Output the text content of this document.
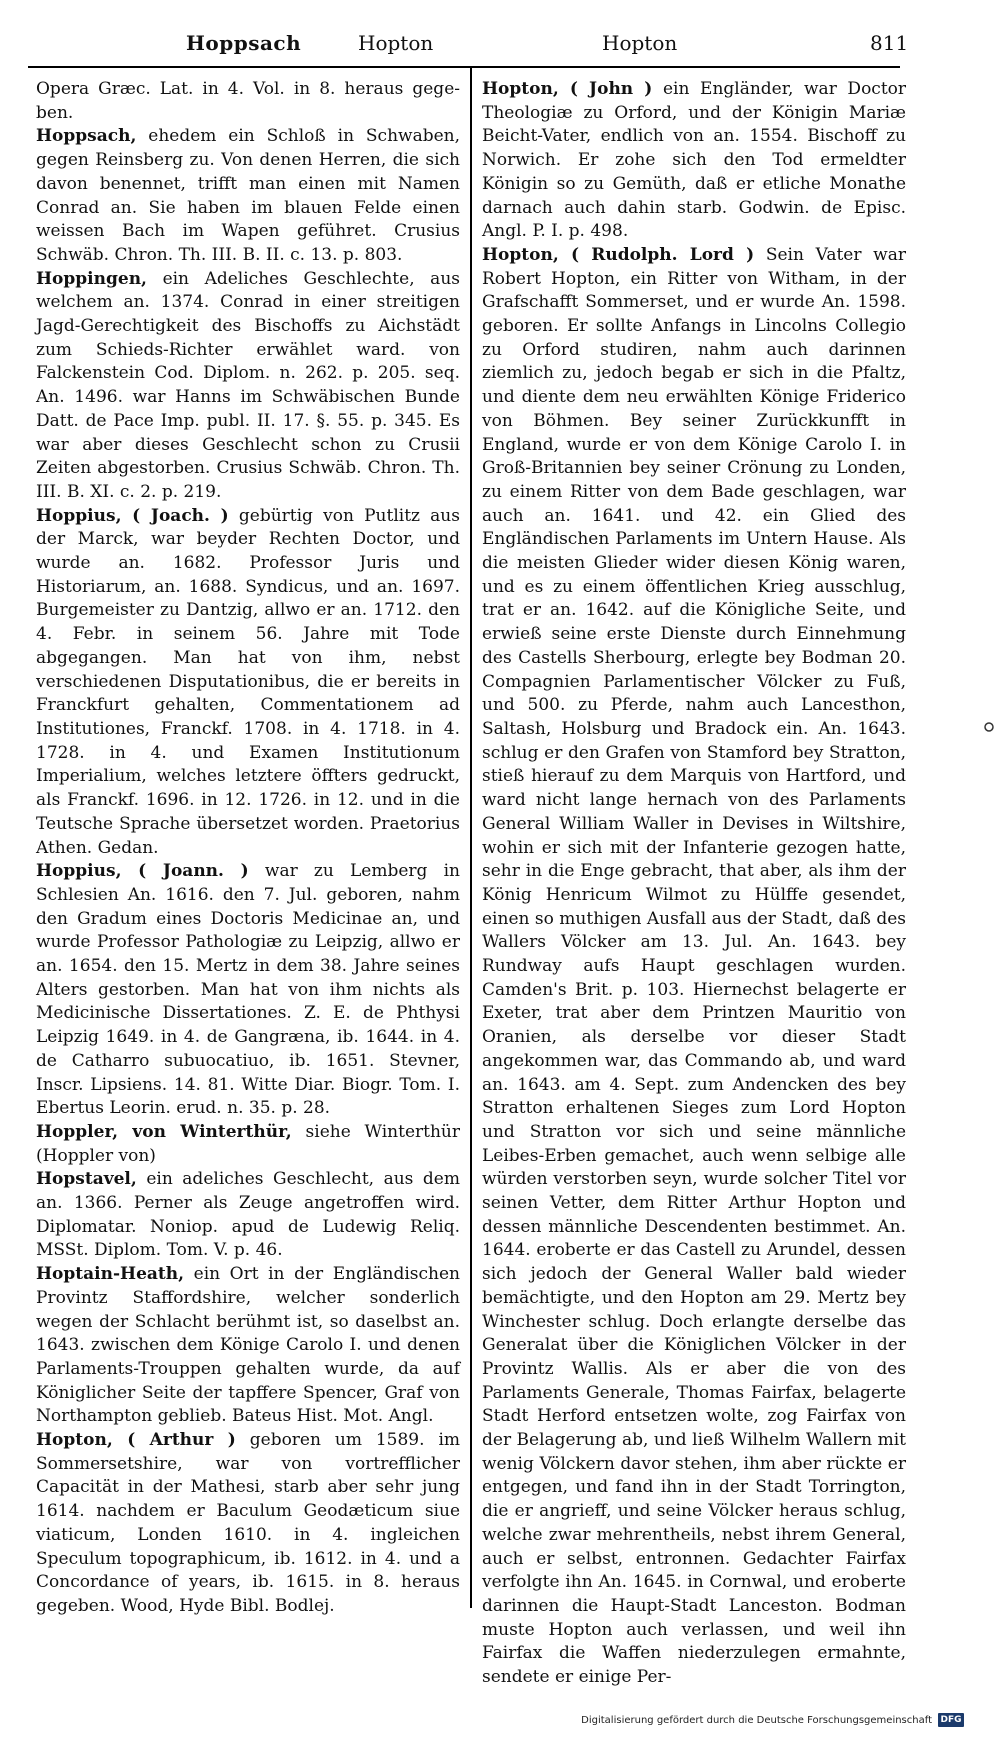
Hoppsach	Hopton	Hopton	811

Opera Græc. Lat. in 4. Vol. in 8. heraus gege-ben.

Hoppsach, ehedem ein Schloß in Schwaben, gegen Reinsberg zu. Von denen Herren, die sich davon benennet, trifft man einen mit Namen Conrad an. Sie haben im blauen Felde einen weissen Bach im Wapen geführet. Crusius Schwäb. Chron. Th. III. B. II. c. 13. p. 803.

Hoppingen, ein Adeliches Geschlechte, aus welchem an. 1374. Conrad in einer streitigen Jagd-Gerechtigkeit des Bischoffs zu Aichstädt zum Schieds-Richter erwählet ward. von Falckenstein Cod. Diplom. n. 262. p. 205. seq. An. 1496. war Hanns im Schwäbischen Bunde Datt. de Pace Imp. publ. II. 17. §. 55. p. 345. Es war aber dieses Geschlecht schon zu Crusii Zeiten abgestorben. Crusius Schwäb. Chron. Th. III. B. XI. c. 2. p. 219.

Hoppius, ( Joach. ) gebürtig von Putlitz aus der Marck, war beyder Rechten Doctor, und wurde an. 1682. Professor Juris und Historiarum, an. 1688. Syndicus, und an. 1697. Burgemeister zu Dantzig, allwo er an. 1712. den 4. Febr. in seinem 56. Jahre mit Tode abgegangen. Man hat von ihm, nebst verschiedenen Disputationibus, die er bereits in Franckfurt gehalten, Commentationem ad Institutiones, Franckf. 1708. in 4. 1718. in 4. 1728. in 4. und Examen Institutionum Imperialium, welches letztere öffters gedruckt, als Franckf. 1696. in 12. 1726. in 12. und in die Teutsche Sprache übersetzet worden. Praetorius Athen. Gedan.

Hoppius, ( Joann. ) war zu Lemberg in Schlesien An. 1616. den 7. Jul. geboren, nahm den Gradum eines Doctoris Medicinae an, und wurde Professor Pathologiæ zu Leipzig, allwo er an. 1654. den 15. Mertz in dem 38. Jahre seines Alters gestorben. Man hat von ihm nichts als Medicinische Dissertationes. Z. E. de Phthysi Leipzig 1649. in 4. de Gangræna, ib. 1644. in 4. de Catharro subuocatiuo, ib. 1651. Stevner, Inscr. Lipsiens. 14. 81. Witte Diar. Biogr. Tom. I. Ebertus Leorin. erud. n. 35. p. 28.

Hoppler, von Winterthür, siehe Winterthür (Hoppler von)

Hopstavel, ein adeliches Geschlecht, aus dem an. 1366. Perner als Zeuge angetroffen wird. Diplomatar. Noniop. apud de Ludewig Reliq. MSSt. Diplom. Tom. V. p. 46.

Hoptain-Heath, ein Ort in der Engländischen Provintz Staffordshire, welcher sonderlich wegen der Schlacht berühmt ist, so daselbst an. 1643. zwischen dem Könige Carolo I. und denen Parlaments-Trouppen gehalten wurde, da auf Königlicher Seite der tapffere Spencer, Graf von Northampton geblieb. Bateus Hist. Mot. Angl.

Hopton, ( Arthur ) geboren um 1589. im Sommersetshire, war von vortrefflicher Capacität in der Mathesi, starb aber sehr jung 1614. nachdem er Baculum Geodæticum siue viaticum, Londen 1610. in 4. ingleichen Speculum topographicum, ib. 1612. in 4. und a Concordance of years, ib. 1615. in 8. heraus gegeben. Wood, Hyde Bibl. Bodlej.

Hopton, ( John ) ein Engländer, war Doctor Theologiæ zu Orford, und der Königin Mariæ Beicht-Vater, endlich von an. 1554. Bischoff zu Norwich. Er zohe sich den Tod ermeldter Königin so zu Gemüth, daß er etliche Monathe darnach auch dahin starb. Godwin. de Episc. Angl. P. I. p. 498.

Hopton, ( Rudolph. Lord ) Sein Vater war Robert Hopton, ein Ritter von Witham, in der Grafschafft Sommerset, und er wurde An. 1598. geboren. Er sollte Anfangs in Lincolns Collegio zu Orford studiren, nahm auch darinnen ziemlich zu, jedoch begab er sich in die Pfaltz, und diente dem neu erwählten Könige Friderico von Böhmen. Bey seiner Zurückkunfft in England, wurde er von dem Könige Carolo I. in Groß-Britannien bey seiner Crönung zu Londen, zu einem Ritter von dem Bade geschlagen, war auch an. 1641. und 42. ein Glied des Engländischen Parlaments im Untern Hause. Als die meisten Glieder wider diesen König waren, und es zu einem öffentlichen Krieg ausschlug, trat er an. 1642. auf die Königliche Seite, und erwieß seine erste Dienste durch Einnehmung des Castells Sherbourg, erlegte bey Bodman 20. Compagnien Parlamentischer Völcker zu Fuß, und 500. zu Pferde, nahm auch Lancesthon, Saltash, Holsburg und Bradock ein. An. 1643. schlug er den Grafen von Stamford bey Stratton, stieß hierauf zu dem Marquis von Hartford, und ward nicht lange hernach von des Parlaments General William Waller in Devises in Wiltshire, wohin er sich mit der Infanterie gezogen hatte, sehr in die Enge gebracht, that aber, als ihm der König Henricum Wilmot zu Hülffe gesendet, einen so muthigen Ausfall aus der Stadt, daß des Wallers Völcker am 13. Jul. An. 1643. bey Rundway aufs Haupt geschlagen wurden. Camden's Brit. p. 103. Hiernechst belagerte er Exeter, trat aber dem Printzen Mauritio von Oranien, als derselbe vor dieser Stadt angekommen war, das Commando ab, und ward an. 1643. am 4. Sept. zum Andencken des bey Stratton erhaltenen Sieges zum Lord Hopton und Stratton vor sich und seine männliche Leibes-Erben gemachet, auch wenn selbige alle würden verstorben seyn, wurde solcher Titel vor seinen Vetter, dem Ritter Arthur Hopton und dessen männliche Descendenten bestimmet. An. 1644. eroberte er das Castell zu Arundel, dessen sich jedoch der General Waller bald wieder bemächtigte, und den Hopton am 29. Mertz bey Winchester schlug. Doch erlangte derselbe das Generalat über die Königlichen Völcker in der Provintz Wallis. Als er aber die von des Parlaments Generale, Thomas Fairfax, belagerte Stadt Herford entsetzen wolte, zog Fairfax von der Belagerung ab, und ließ Wilhelm Wallern mit wenig Völckern davor stehen, ihm aber rückte er entgegen, und fand ihn in der Stadt Torrington, die er angrieff, und seine Völcker heraus schlug, welche zwar mehrentheils, nebst ihrem General, auch er selbst, entronnen. Gedachter Fairfax verfolgte ihn An. 1645. in Cornwal, und eroberte darinnen die Haupt-Stadt Lanceston. Bodman muste Hopton auch verlassen, und weil ihn Fairfax die Waffen niederzulegen ermahnte, sendete er einige Per-

Digitalisierung gefördert durch die Deutsche Forschungsgemeinschaft DFG
